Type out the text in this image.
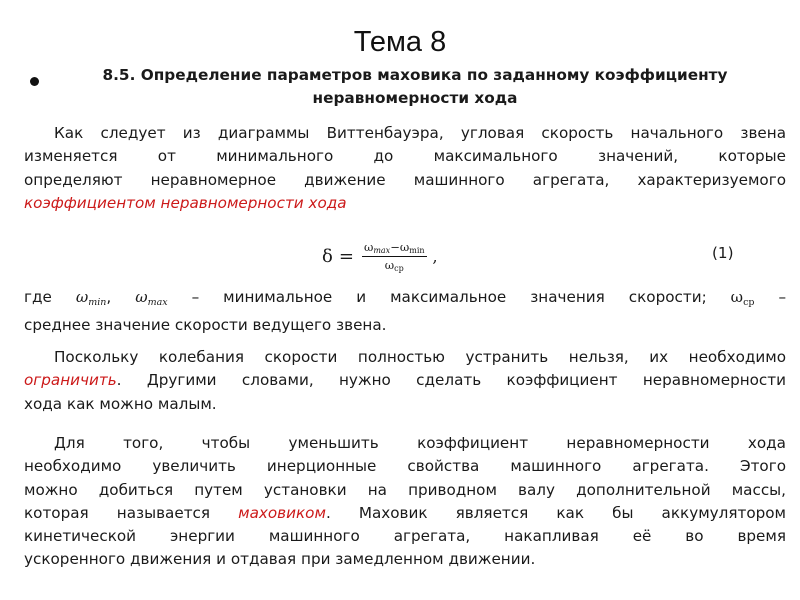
Тема 8
8.5. Определение параметров маховика по заданному коэффициенту
неравномерности хода
Как следует из диаграммы Виттенбауэра, угловая скорость начального звена
изменяется от минимального до максимального значений, которые
определяют неравномерное движение машинного агрегата, характеризуемого
коэффициентом неравномерности хода
$\delta = \frac{\omega\max-\omega\min}{\text{ωср}}$ ,	(1)
где $\omega_{min}$, $\omega_{max}$ – минимальное и максимальное значения скорости; $\omega_{ср}$ –
среднее значение скорости ведущего звена.
Поскольку колебания скорости полностью устранить нельзя, их необходимо
ограничить. Другими словами, нужно сделать коэффициент неравномерности
хода как можно малым.
Для того, чтобы уменьшить коэффициент неравномерности хода
необходимо увеличить инерционные свойства машинного агрегата. Этого
можно добиться путем установки на приводном валу дополнительной массы,
которая называется маховиком. Маховик является как бы аккумулятором
кинетической энергии машинного агрегата, накапливая её во время
ускоренного движения и отдавая при замедленном движении.
